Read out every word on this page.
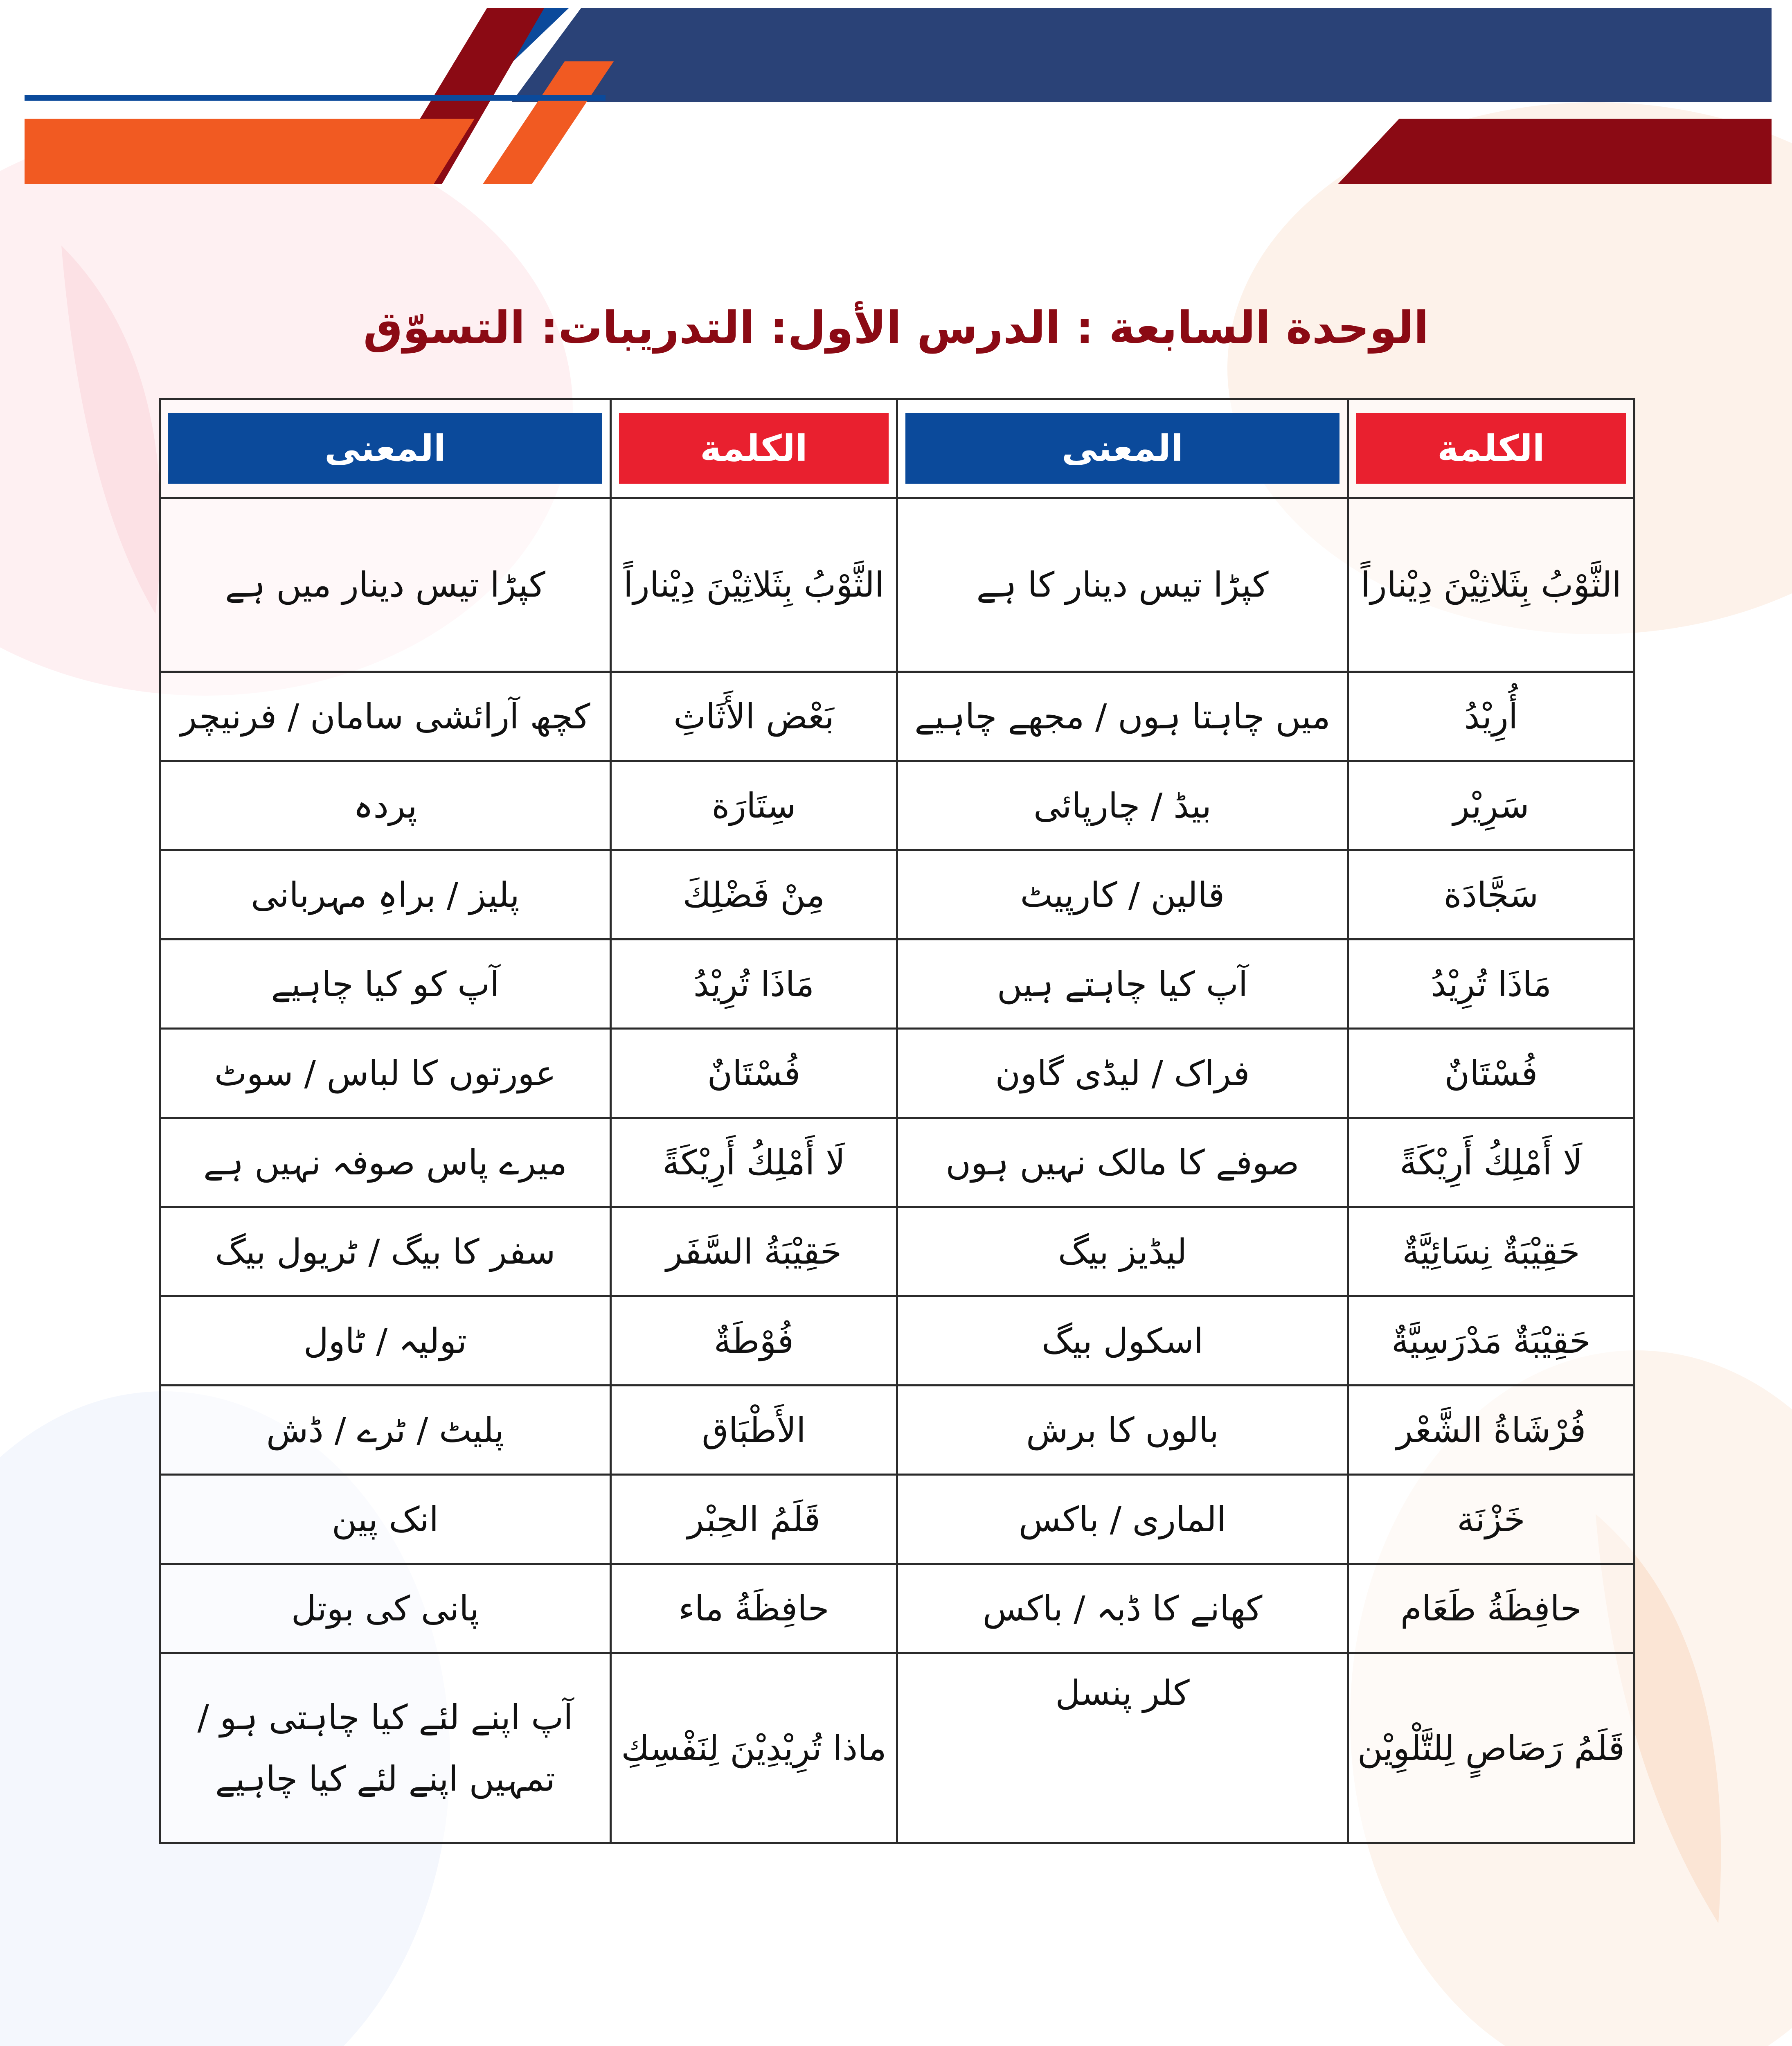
الوحدة السابعة : الدرس الأول: التدريبات: التسوّق
الكلمة	المعنى	الكلمة	المعنى

الثَّوْبُ بِثَلاثِيْنَ دِيْناراً	کپڑا تیس دینار کا ہے	الثَّوْبُ بِثَلاثِيْنَ دِيْناراً	کپڑا تیس دینار میں ہے
أُرِيْدُ	میں چاہتا ہوں / مجھے چاہیے	بَعْض الأَثَاثِ	کچھ آرائشی سامان / فرنیچر
سَرِيْر	بیڈ / چارپائی	سِتَارَة	پردہ
سَجَّادَة	قالین / کارپیٹ	مِنْ فَضْلِكَ	پلیز / براہِ مہربانی
مَاذَا تُرِيْدُ	آپ کیا چاہتے ہیں	مَاذَا تُرِيْدُ	آپ کو کیا چاہیے
فُسْتَانٌ	فراک / لیڈی گاون	فُسْتَانٌ	عورتوں کا لباس / سوٹ
لَا أَمْلِكُ أَرِيْكَةً	صوفے کا مالک نہیں ہوں	لَا أَمْلِكُ أَرِيْكَةً	میرے پاس صوفہ نہیں ہے
حَقِيْبَةٌ نِسَائِيَّةٌ	لیڈیز بیگ	حَقِيْبَةُ السَّفَر	سفر کا بیگ / ٹریول بیگ
حَقِيْبَةٌ مَدْرَسِيَّةٌ	اسکول بیگ	فُوْطَةٌ	تولیہ / ٹاول
فُرْشَاةُ الشَّعْر	بالوں کا برش	الأَطْبَاق	پلیٹ / ٹرے / ڈش
خَزْنَة	الماری / باکس	قَلَمُ الحِبْر	انک پین
حافِظَةُ طَعَام	کھانے کا ڈبہ / باکس	حافِظَةُ ماء	پانی کی بوتل
قَلَمُ رَصَاصٍ لِلتَّلْوِيْن	کلر پنسل	ماذا تُرِيْدِيْنَ لِنَفْسِكِ	آپ اپنے لئے کیا چاہتی ہو / تمہیں اپنے لئے کیا چاہیے
